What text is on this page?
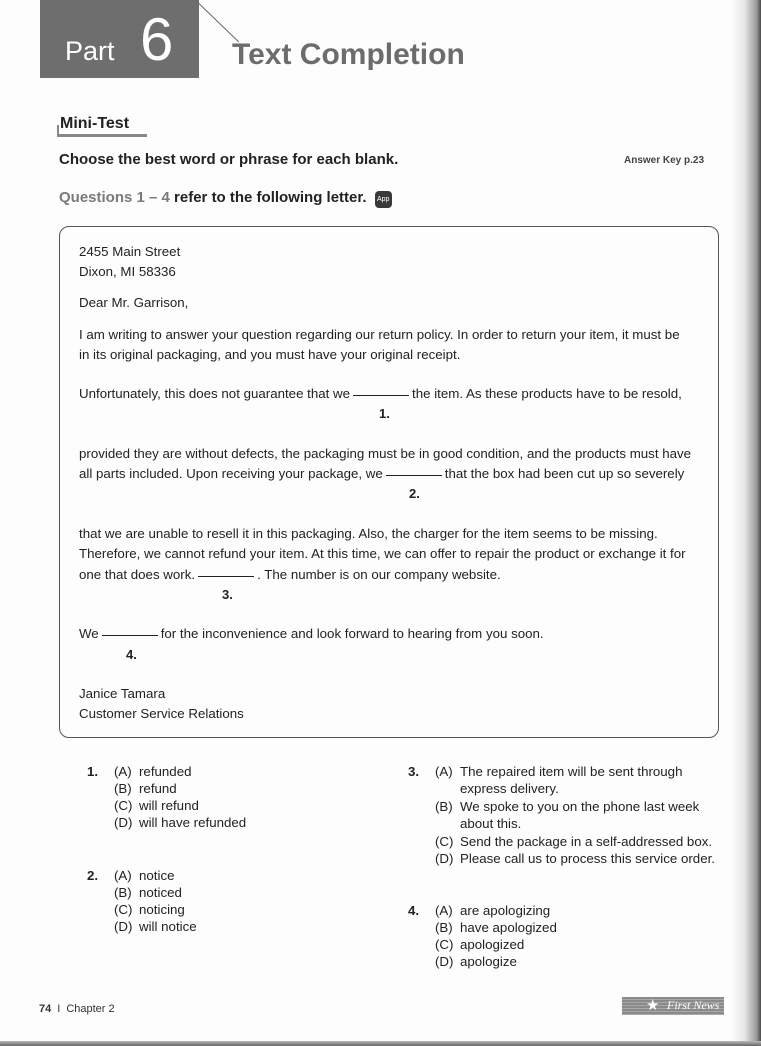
Part 6 Text Completion
Mini-Test
Choose the best word or phrase for each blank.	Answer Key p.23
Questions 1 – 4 refer to the following letter. App
2455 Main Street
Dixon, MI 58336
Dear Mr. Garrison,
I am writing to answer your question regarding our return policy. In order to return your item, it must be
in its original packaging, and you must have your original receipt.
Unfortunately, this does not guarantee that we	the item. As these products have to be resold,
1.
provided they are without defects, the packaging must be in good condition, and the products must have
all parts included. Upon receiving your package, we	that the box had been cut up so severely
2.
that we are unable to resell it in this packaging. Also, the charger for the item seems to be missing.
Therefore, we cannot refund your item. At this time, we can offer to repair the product or exchange it for
one that does work.	. The number is on our company website.
3.
We	for the inconvenience and look forward to hearing from you soon.
4.
Janice Tamara
Customer Service Relations
1. (A) refunded
(B) refund
(C) will refund
(D) will have refunded
2. (A) notice
(B) noticed
(C) noticing
(D) will notice
3. (A) The repaired item will be sent through
express delivery.
(B) We spoke to you on the phone last week
about this.
(C) Send the package in a self-addressed box.
(D) Please call us to process this service order.
4. (A) are apologizing
(B) have apologized
(C) apologized
(D) apologize
74 I Chapter 2	★ First News
